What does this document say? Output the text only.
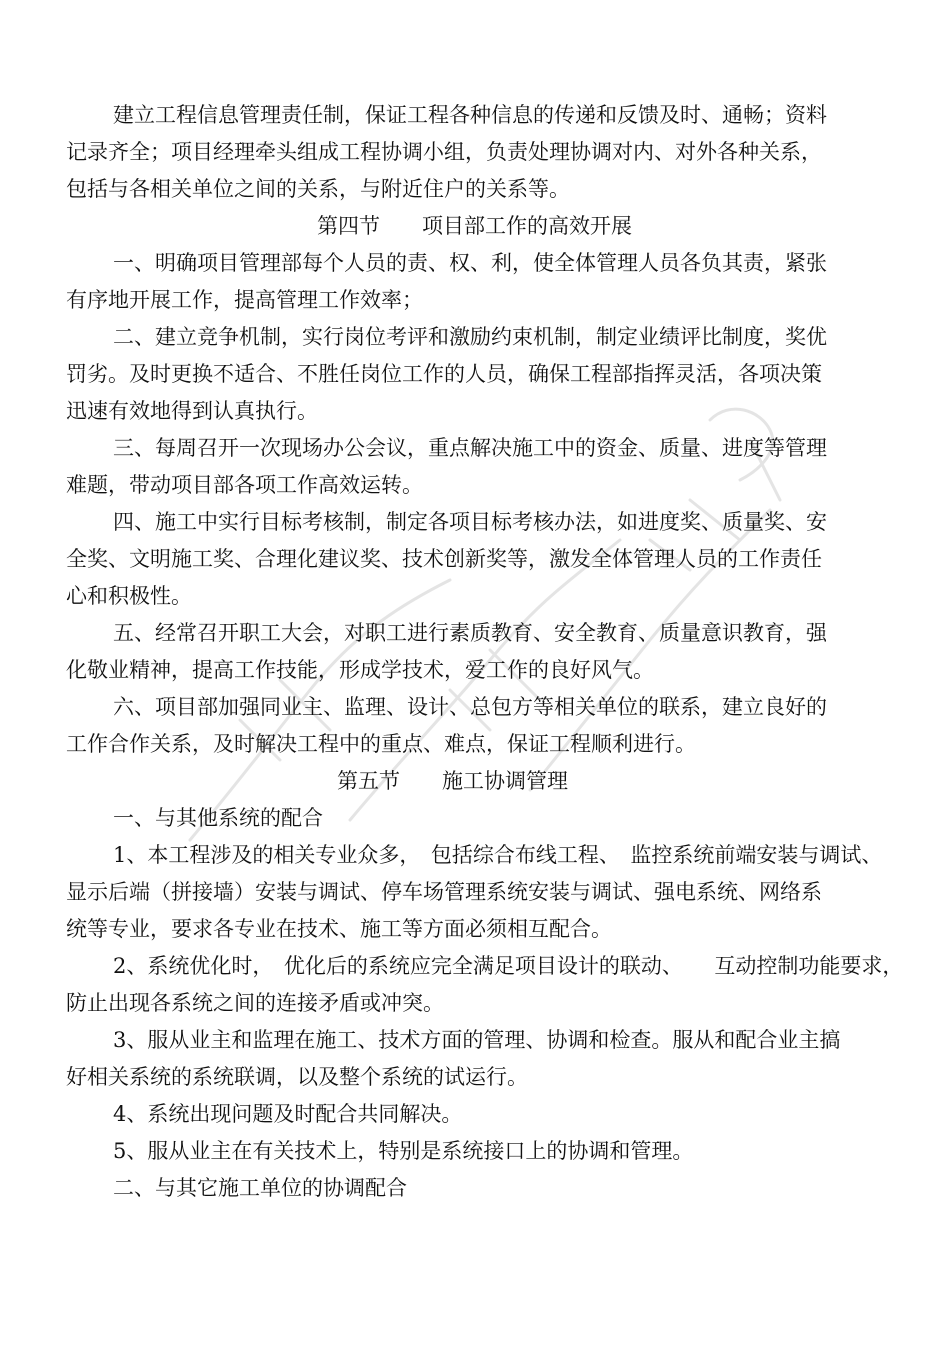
建立工程信息管理责任制，保证工程各种信息的传递和反馈及时、通畅；资料
记录齐全；项目经理牵头组成工程协调小组，负责处理协调对内、对外各种关系，
包括与各相关单位之间的关系，与附近住户的关系等。
第四节　　项目部工作的高效开展
一、明确项目管理部每个人员的责、权、利，使全体管理人员各负其责，紧张
有序地开展工作，提高管理工作效率；
二、建立竞争机制，实行岗位考评和激励约束机制，制定业绩评比制度，奖优
罚劣。及时更换不适合、不胜任岗位工作的人员，确保工程部指挥灵活，各项决策
迅速有效地得到认真执行。
三、每周召开一次现场办公会议，重点解决施工中的资金、质量、进度等管理
难题，带动项目部各项工作高效运转。
四、施工中实行目标考核制，制定各项目标考核办法，如进度奖、质量奖、安
全奖、文明施工奖、合理化建议奖、技术创新奖等，激发全体管理人员的工作责任
心和积极性。
五、经常召开职工大会，对职工进行素质教育、安全教育、质量意识教育，强
化敬业精神，提高工作技能，形成学技术，爱工作的良好风气。
六、项目部加强同业主、监理、设计、总包方等相关单位的联系，建立良好的
工作合作关系，及时解决工程中的重点、难点，保证工程顺利进行。
第五节　　施工协调管理
一、与其他系统的配合
1、本工程涉及的相关专业众多，　包括综合布线工程、　监控系统前端安装与调试、
显示后端（拼接墙）安装与调试、停车场管理系统安装与调试、强电系统、网络系
统等专业，要求各专业在技术、施工等方面必须相互配合。
2、系统优化时，　优化后的系统应完全满足项目设计的联动、　　互动控制功能要求，
防止出现各系统之间的连接矛盾或冲突。
3、服从业主和监理在施工、技术方面的管理、协调和检查。服从和配合业主搞
好相关系统的系统联调，以及整个系统的试运行。
4、系统出现问题及时配合共同解决。
5、服从业主在有关技术上，特别是系统接口上的协调和管理。
二、与其它施工单位的协调配合
